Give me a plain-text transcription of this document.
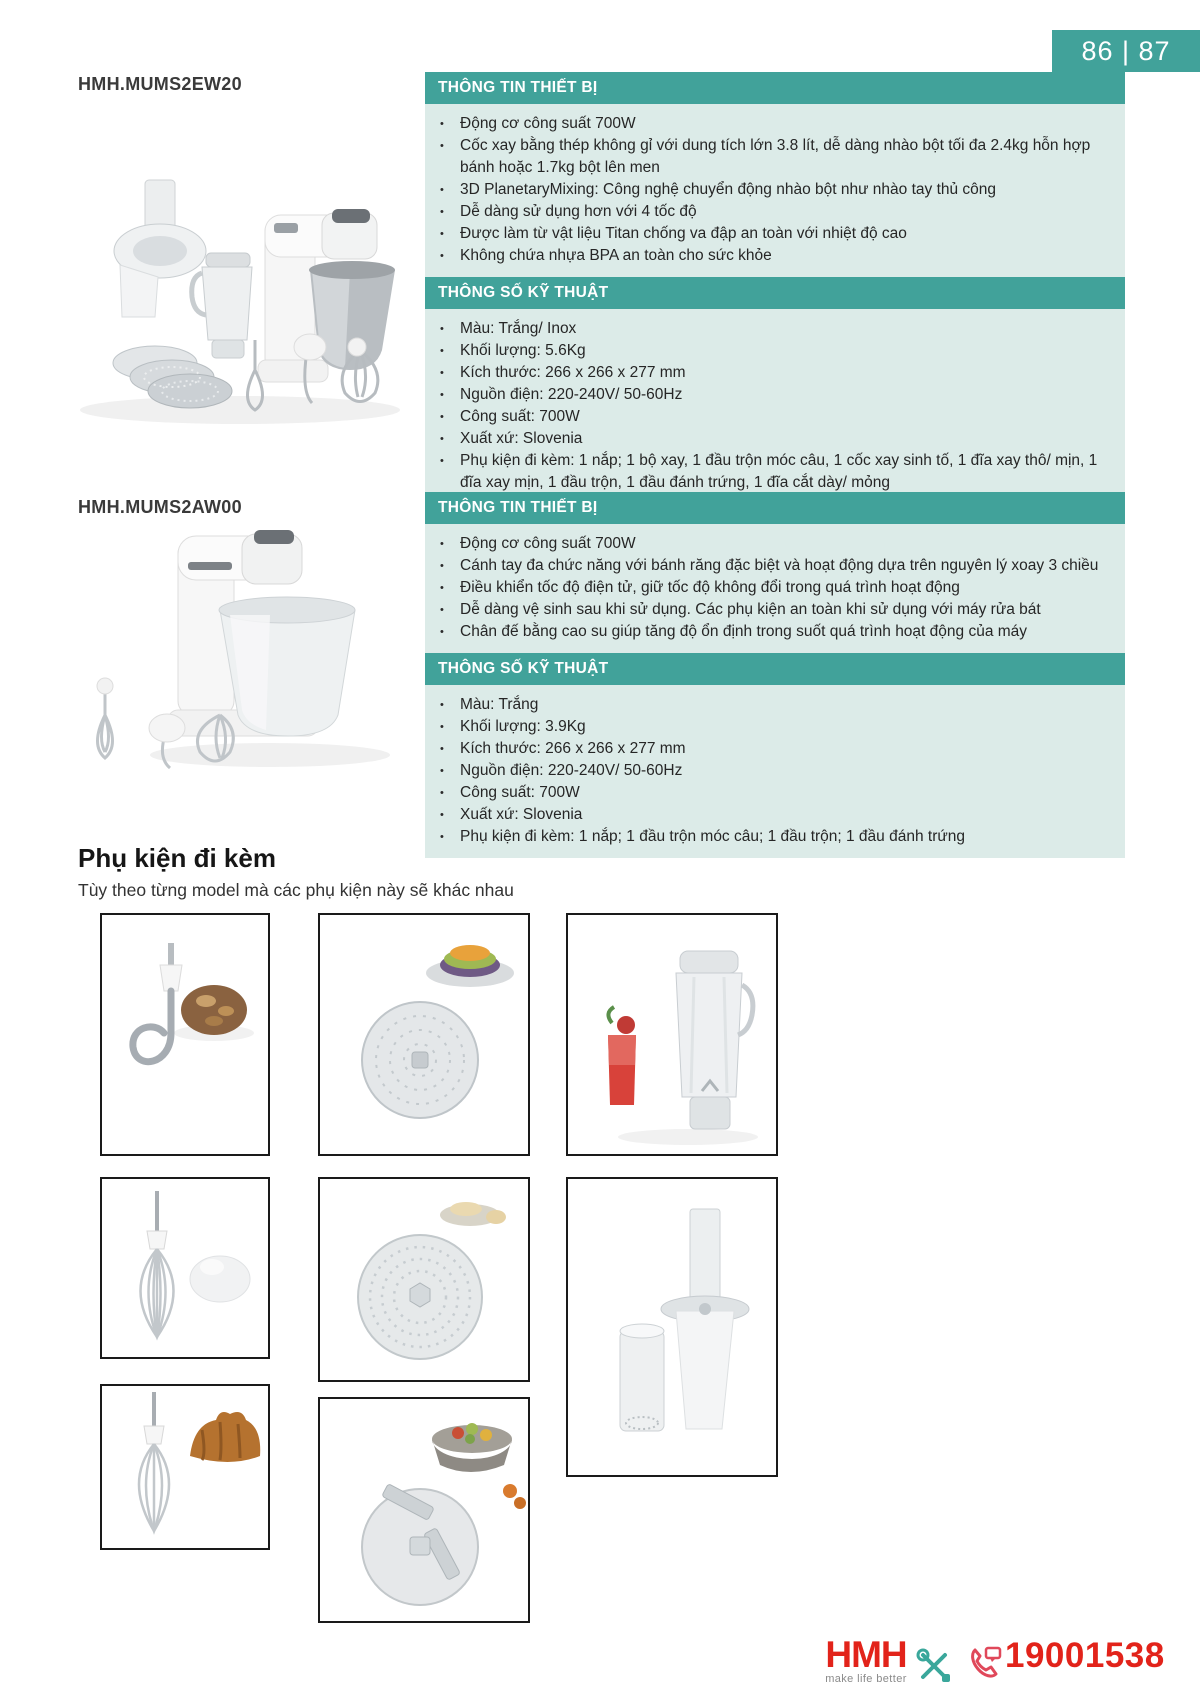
86 | 87
HMH.MUMS2EW20	THÔNG TIN THIẾT BỊ
• Động cơ công suất 700W
• Cốc xay bằng thép không gỉ với dung tích lớn 3.8 lít, dễ dàng nhào bột tối đa 2.4kg hỗn hợp bánh hoặc 1.7kg bột lên men
• 3D PlanetaryMixing: Công nghệ chuyển động nhào bột như nhào tay thủ công
• Dễ dàng sử dụng hơn với 4 tốc độ
• Được làm từ vật liệu Titan chống va đập an toàn với nhiệt độ cao
• Không chứa nhựa BPA an toàn cho sức khỏe
THÔNG SỐ KỸ THUẬT
• Màu: Trắng/ Inox
• Khối lượng: 5.6Kg
• Kích thước: 266 x 266 x 277 mm
• Nguồn điện: 220-240V/ 50-60Hz
• Công suất: 700W
• Xuất xứ: Slovenia
• Phụ kiện đi kèm: 1 nắp; 1 bộ xay, 1 đầu trộn móc câu, 1 cốc xay sinh tố, 1 đĩa xay thô/ mịn, 1 đĩa xay mịn, 1 đầu trộn, 1 đầu đánh trứng, 1 đĩa cắt dày/ mỏng
HMH.MUMS2AW00	THÔNG TIN THIẾT BỊ
• Động cơ công suất 700W
• Cánh tay đa chức năng với bánh răng đặc biệt và hoạt động dựa trên nguyên lý xoay 3 chiều
• Điều khiển tốc độ điện tử, giữ tốc độ không đổi trong quá trình hoạt động
• Dễ dàng vệ sinh sau khi sử dụng. Các phụ kiện an toàn khi sử dụng với máy rửa bát
• Chân đế bằng cao su giúp tăng độ ổn định trong suốt quá trình hoạt động của máy
THÔNG SỐ KỸ THUẬT
• Màu: Trắng
• Khối lượng: 3.9Kg
• Kích thước: 266 x 266 x 277 mm
• Nguồn điện: 220-240V/ 50-60Hz
• Công suất: 700W
• Xuất xứ: Slovenia
• Phụ kiện đi kèm: 1 nắp; 1 đầu trộn móc câu; 1 đầu trộn; 1 đầu đánh trứng
Phụ kiện đi kèm
Tùy theo từng model mà các phụ kiện này sẽ khác nhau
HMH
make life better
19001538
